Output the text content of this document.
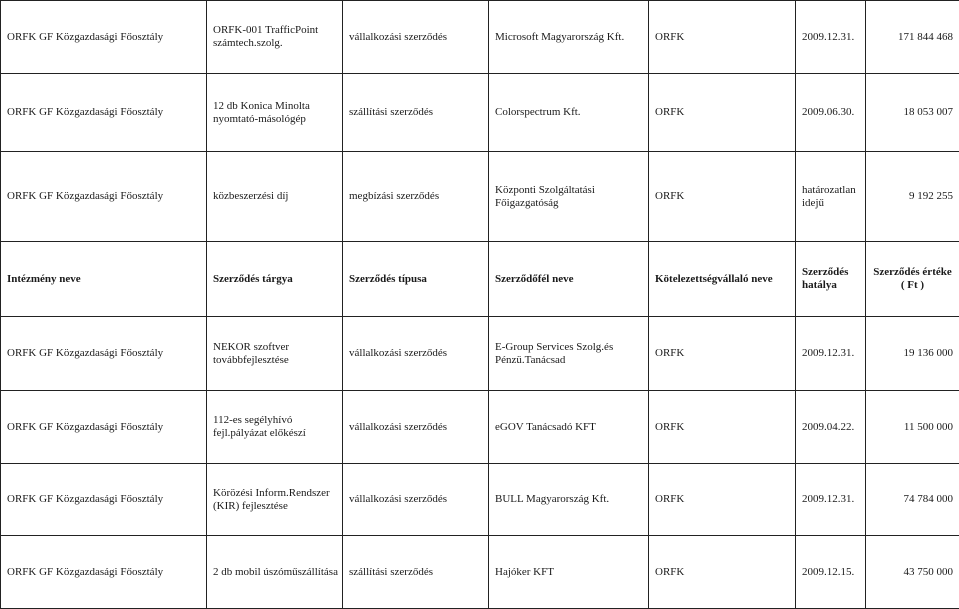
ORFK GF Közgazdasági Főosztály	ORFK-001 TrafficPoint számtech.szolg.	vállalkozási szerződés	Microsoft Magyarország Kft.	ORFK	2009.12.31.	171 844 468
ORFK GF Közgazdasági Főosztály	12 db Konica Minolta nyomtató-másológép	szállítási szerződés	Colorspectrum Kft.	ORFK	2009.06.30.	18 053 007
ORFK GF Közgazdasági Főosztály	közbeszerzési díj	megbízási szerződés	Központi Szolgáltatási Főigazgatóság	ORFK	határozatlan idejű	9 192 255
Intézmény neve	Szerződés tárgya	Szerződés típusa	Szerződőfél neve	Kötelezettségvállaló neve	Szerződés hatálya	Szerződés értéke ( Ft )
ORFK GF Közgazdasági Főosztály	NEKOR szoftver továbbfejlesztése	vállalkozási szerződés	E-Group Services Szolg.és Pénzü.Tanácsad	ORFK	2009.12.31.	19 136 000
ORFK GF Közgazdasági Főosztály	112-es segélyhívó fejl.pályázat előkészí	vállalkozási szerződés	eGOV Tanácsadó KFT	ORFK	2009.04.22.	11 500 000
ORFK GF Közgazdasági Főosztály	Körözési Inform.Rendszer (KIR) fejlesztése	vállalkozási szerződés	BULL Magyarország Kft.	ORFK	2009.12.31.	74 784 000
ORFK GF Közgazdasági Főosztály	2 db mobil úszóműszállítása	szállítási szerződés	Hajóker KFT	ORFK	2009.12.15.	43 750 000
